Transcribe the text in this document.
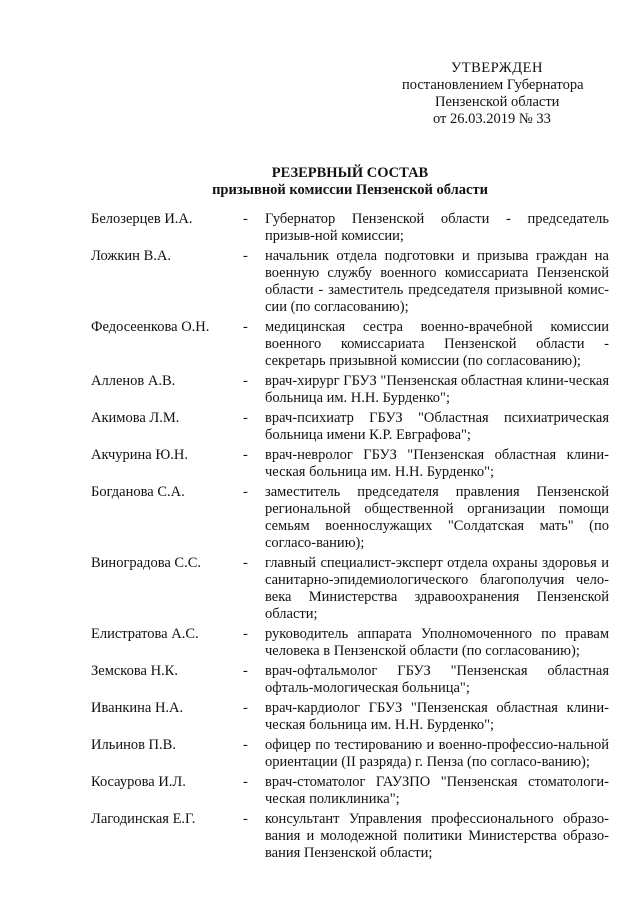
УТВЕРЖДЕН
постановлением Губернатора
Пензенской области
от 26.03.2019 № 33
РЕЗЕРВНЫЙ СОСТАВ
призывной комиссии Пензенской области
Белозерцев И.А.	-	Губернатор Пензенской области - председатель призыв-ной комиссии;
Ложкин В.А.	-	начальник отдела подготовки и призыва граждан на военную службу военного комиссариата Пензенской области - заместитель председателя призывной комис-сии (по согласованию);
Федосеенкова О.Н.	-	медицинская сестра военно-врачебной комиссии военного комиссариата Пензенской области - секретарь призывной комиссии (по согласованию);
Алленов А.В.	-	врач-хирург ГБУЗ "Пензенская областная клини-ческая больница им. Н.Н. Бурденко";
Акимова Л.М.	-	врач-психиатр ГБУЗ "Областная психиатрическая больница имени К.Р. Евграфова";
Акчурина Ю.Н.	-	врач-невролог ГБУЗ "Пензенская областная клини-ческая больница им. Н.Н. Бурденко";
Богданова С.А.	-	заместитель председателя правления Пензенской региональной общественной организации помощи семьям военнослужащих "Солдатская мать" (по согласо-ванию);
Виноградова С.С.	-	главный специалист-эксперт отдела охраны здоровья и санитарно-эпидемиологического благополучия чело-века Министерства здравоохранения Пензенской области;
Елистратова А.С.	-	руководитель аппарата Уполномоченного по правам человека в Пензенской области (по согласованию);
Земскова Н.К.	-	врач-офтальмолог ГБУЗ "Пензенская областная офталь-мологическая больница";
Иванкина Н.А.	-	врач-кардиолог ГБУЗ "Пензенская областная клини-ческая больница им. Н.Н. Бурденко";
Ильинов П.В.	-	офицер по тестированию и военно-профессио-нальной ориентации (II разряда) г. Пенза (по согласо-ванию);
Косаурова И.Л.	-	врач-стоматолог ГАУЗПО "Пензенская стоматологи-ческая поликлиника";
Лагодинская Е.Г.	-	консультант Управления профессионального образо-вания и молодежной политики Министерства образо-вания Пензенской области;
